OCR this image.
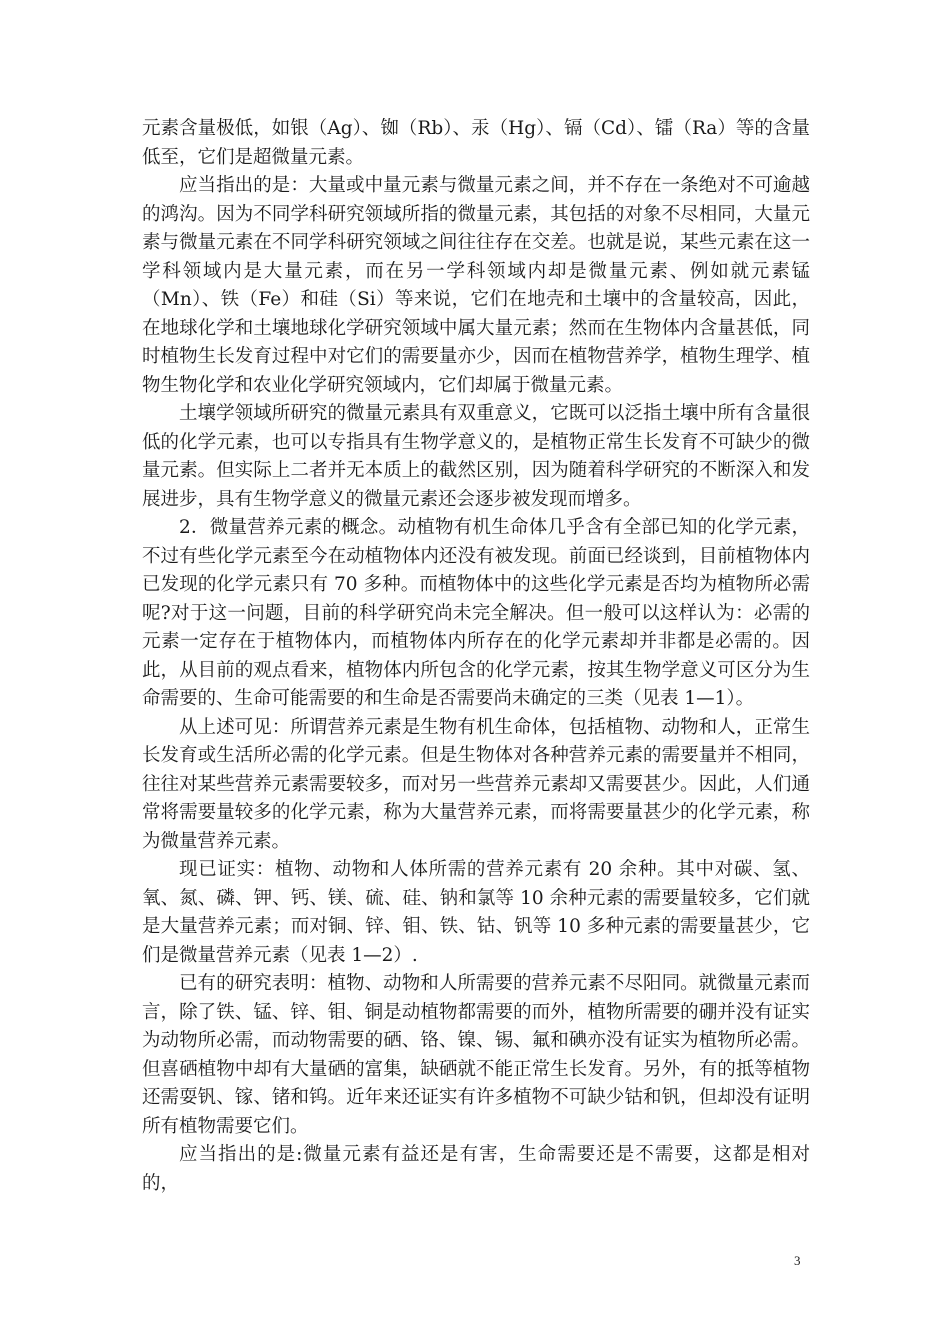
元素含量极低，如银（Ag）、铷（Rb）、汞（Hg）、镉（Cd）、镭（Ra）等的含量低至，它们是超微量元素。

应当指出的是：大量或中量元素与微量元素之间，并不存在一条绝对不可逾越的鸿沟。因为不同学科研究领域所指的微量元素，其包括的对象不尽相同，大量元素与微量元素在不同学科研究领域之间往往存在交差。也就是说，某些元素在这一学科领域内是大量元素，而在另一学科领域内却是微量元素、例如就元素锰（Mn）、铁（Fe）和硅（Si）等来说，它们在地壳和土壤中的含量较高，因此，在地球化学和土壤地球化学研究领域中属大量元素；然而在生物体内含量甚低，同时植物生长发育过程中对它们的需要量亦少，因而在植物营养学，植物生理学、植物生物化学和农业化学研究领域内，它们却属于微量元素。

土壤学领域所研究的微量元素具有双重意义，它既可以泛指土壤中所有含量很低的化学元素，也可以专指具有生物学意义的，是植物正常生长发育不可缺少的微量元素。但实际上二者并无本质上的截然区别，因为随着科学研究的不断深入和发展进步，具有生物学意义的微量元素还会逐步被发现而增多。

2．微量营养元素的概念。动植物有机生命体几乎含有全部已知的化学元素，不过有些化学元素至今在动植物体内还没有被发现。前面已经谈到，目前植物体内已发现的化学元素只有 70 多种。而植物体中的这些化学元素是否均为植物所必需呢?对于这一问题，目前的科学研究尚未完全解决。但一般可以这样认为：必需的元素一定存在于植物体内，而植物体内所存在的化学元素却并非都是必需的。因此，从目前的观点看来，植物体内所包含的化学元素，按其生物学意义可区分为生命需要的、生命可能需要的和生命是否需要尚未确定的三类（见表 1—1）。

从上述可见：所谓营养元素是生物有机生命体，包括植物、动物和人，正常生长发育或生活所必需的化学元素。但是生物体对各种营养元素的需要量并不相同，往往对某些营养元素需要较多，而对另一些营养元素却又需要甚少。因此，人们通常将需要量较多的化学元素，称为大量营养元素，而将需要量甚少的化学元素，称为微量营养元素。

现已证实：植物、动物和人体所需的营养元素有 20 余种。其中对碳、氢、氧、氮、磷、钾、钙、镁、硫、硅、钠和氯等 10 余种元素的需要量较多，它们就是大量营养元素；而对铜、锌、钼、铁、钴、钒等 10 多种元素的需要量甚少，它们是微量营养元素（见表 1—2）.

已有的研究表明：植物、动物和人所需要的营养元素不尽阳同。就微量元素而言，除了铁、锰、锌、钼、铜是动植物都需要的而外，植物所需要的硼并没有证实为动物所必需，而动物需要的硒、铬、镍、锡、氟和碘亦没有证实为植物所必需。但喜硒植物中却有大量硒的富集，缺硒就不能正常生长发育。另外，有的抵等植物还需耍钒、镓、锗和钨。近年来还证实有许多植物不可缺少钴和钒，但却没有证明所有植物需要它们。

应当指出的是:微量元素有益还是有害，生命需要还是不需要，这都是相对的，

3
